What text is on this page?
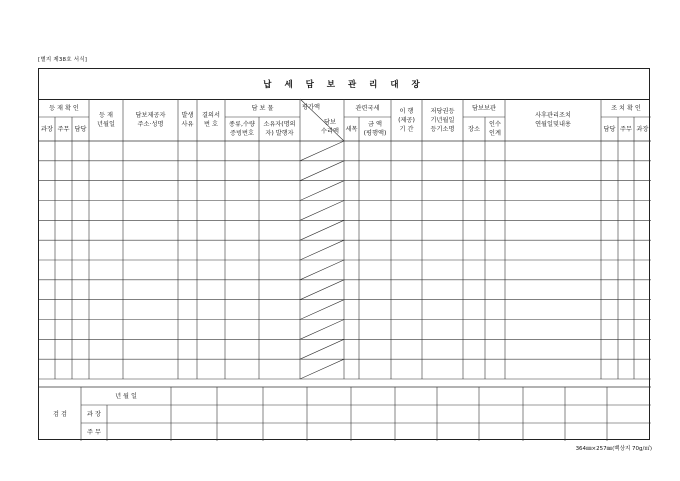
[별지 제38호 서식]
납 세 담 보 관 리 대 장
등 재 확 인
과장 주무 담당
등 재
년월일
담보제공자
주소·성명
발생
사유
결의서
번 호
담 보 물
종류,수량
증빙번호
소유자(명의
자) 발행자
평가액
담보
수리액
관련국세
세목
금 액
(평행액)
이 행
(제공)
기 간
저당권등
기년월일
등기소명
담보보관
장소
인수
인계
사후관리조치
연월일및내용
조 치 확 인
담당 주무 과장
검 검
년 월 일
과 장
주 무
364㎜×257㎜(백상지 70g/㎡)
